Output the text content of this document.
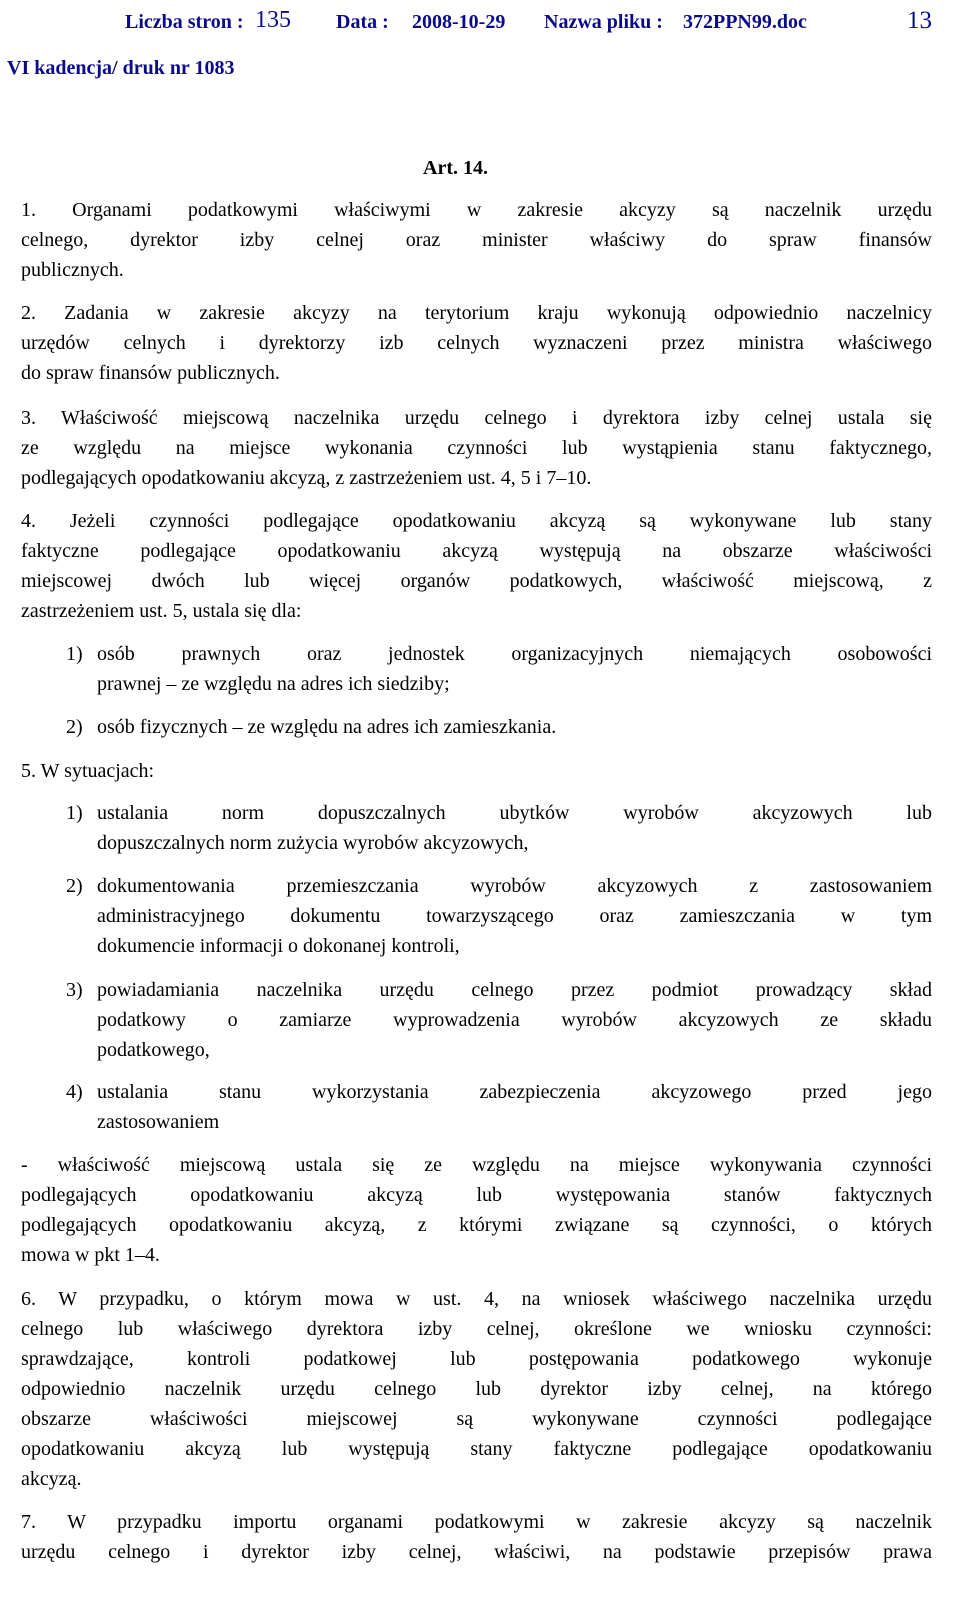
Liczba stron : 135 Data : 2008-10-29 Nazwa pliku : 372PPN99.doc	13
VI kadencja/ druk nr 1083
Art. 14.
1. Organami podatkowymi właściwymi w zakresie akcyzy są naczelnik urzędu
celnego, dyrektor izby celnej oraz minister właściwy do spraw finansów
publicznych.
2. Zadania w zakresie akcyzy na terytorium kraju wykonują odpowiednio naczelnicy
urzędów celnych i dyrektorzy izb celnych wyznaczeni przez ministra właściwego
do spraw finansów publicznych.
3. Właściwość miejscową naczelnika urzędu celnego i dyrektora izby celnej ustala się
ze względu na miejsce wykonania czynności lub wystąpienia stanu faktycznego,
podlegających opodatkowaniu akcyzą, z zastrzeżeniem ust. 4, 5 i 7–10.
4. Jeżeli czynności podlegające opodatkowaniu akcyzą są wykonywane lub stany
faktyczne podlegające opodatkowaniu akcyzą występują na obszarze właściwości
miejscowej dwóch lub więcej organów podatkowych, właściwość miejscową, z
zastrzeżeniem ust. 5, ustala się dla:
1) osób prawnych oraz jednostek organizacyjnych niemających osobowości
prawnej – ze względu na adres ich siedziby;
2) osób fizycznych – ze względu na adres ich zamieszkania.
5. W sytuacjach:
1) ustalania norm dopuszczalnych ubytków wyrobów akcyzowych lub
dopuszczalnych norm zużycia wyrobów akcyzowych,
2) dokumentowania przemieszczania wyrobów akcyzowych z zastosowaniem
administracyjnego dokumentu towarzyszącego oraz zamieszczania w tym
dokumencie informacji o dokonanej kontroli,
3) powiadamiania naczelnika urzędu celnego przez podmiot prowadzący skład
podatkowy o zamiarze wyprowadzenia wyrobów akcyzowych ze składu
podatkowego,
4) ustalania stanu wykorzystania zabezpieczenia akcyzowego przed jego
zastosowaniem
- właściwość miejscową ustala się ze względu na miejsce wykonywania czynności
podlegających opodatkowaniu akcyzą lub występowania stanów faktycznych
podlegających opodatkowaniu akcyzą, z którymi związane są czynności, o których
mowa w pkt 1–4.
6. W przypadku, o którym mowa w ust. 4, na wniosek właściwego naczelnika urzędu
celnego lub właściwego dyrektora izby celnej, określone we wniosku czynności:
sprawdzające, kontroli podatkowej lub postępowania podatkowego wykonuje
odpowiednio naczelnik urzędu celnego lub dyrektor izby celnej, na którego
obszarze właściwości miejscowej są wykonywane czynności podlegające
opodatkowaniu akcyzą lub występują stany faktyczne podlegające opodatkowaniu
akcyzą.
7. W przypadku importu organami podatkowymi w zakresie akcyzy są naczelnik
urzędu celnego i dyrektor izby celnej, właściwi, na podstawie przepisów prawa
